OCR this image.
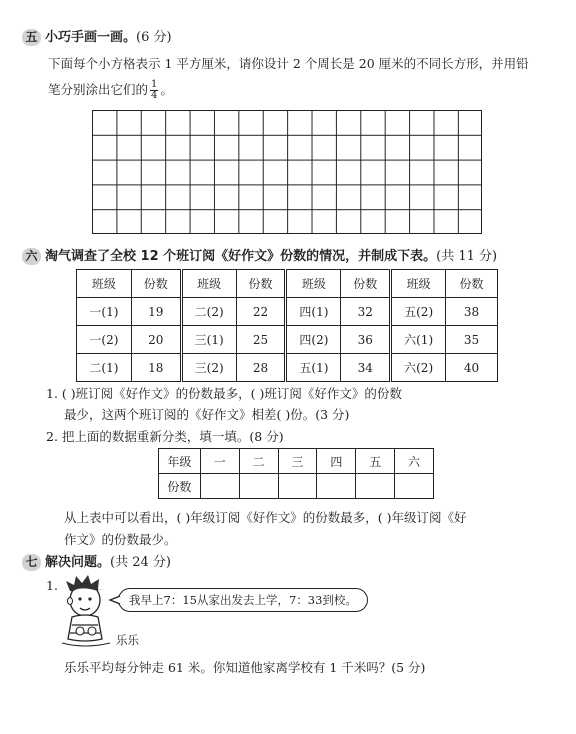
五 小巧手画一画。(6 分)
下面每个小方格表示 1 平方厘米，请你设计 2 个周长是 20 厘米的不同长方形，并用铅
笔分别涂出它们的 $\frac{1}{4}$ 。
六 淘气调查了全校 12 个班订阅《好作文》份数的情况，并制成下表。(共 11 分)
班级	份数	班级	份数	班级	份数	班级	份数
一(1)	19	二(2)	22	四(1)	32	五(2)	38
一(2)	20	三(1)	25	四(2)	36	六(1)	35
二(1)	18	三(2)	28	五(1)	34	六(2)	40
1. ( )班订阅《好作文》的份数最多，( )班订阅《好作文》的份数
最少，这两个班订阅的《好作文》相差( )份。(3 分)
2. 把上面的数据重新分类，填一填。(8 分)
年级	一	二	三	四	五	六
份数						
从上表中可以看出，( )年级订阅《好作文》的份数最多，( )年级订阅《好
作文》的份数最少。
七 解决问题。(共 24 分)
1.
乐乐
我早上7：15从家出发去上学，7：33到校。
乐乐平均每分钟走 61 米。你知道他家离学校有 1 千米吗？(5 分)
